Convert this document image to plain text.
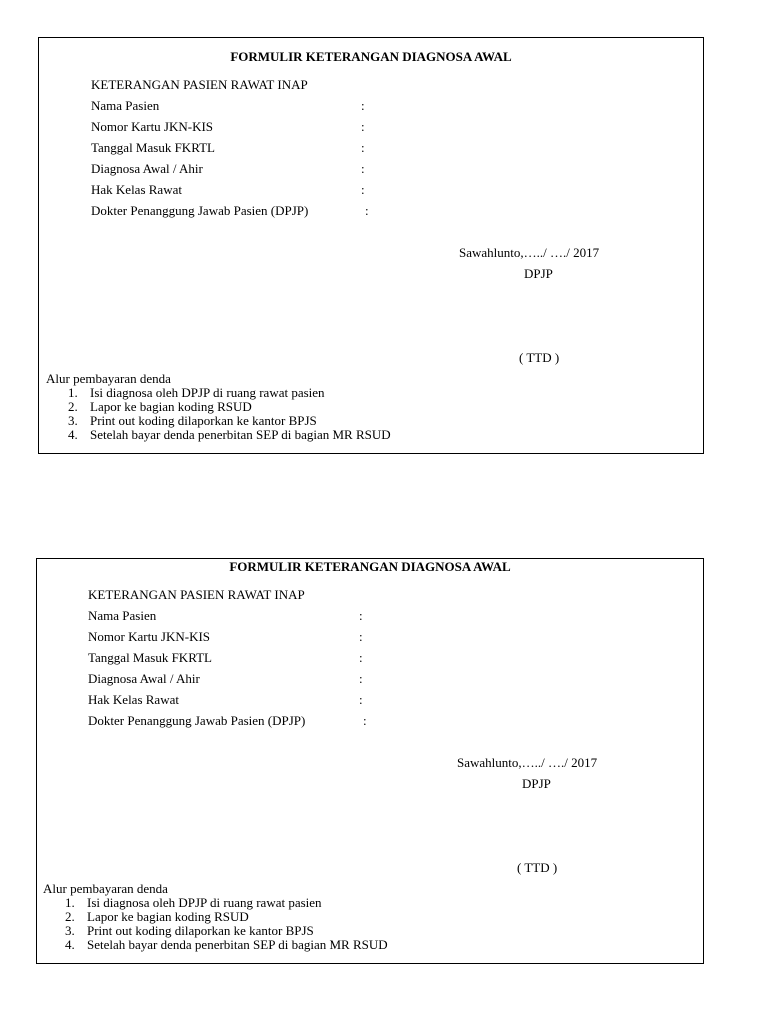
FORMULIR KETERANGAN DIAGNOSA AWAL
KETERANGAN PASIEN RAWAT INAP
Nama Pasien	:
Nomor Kartu JKN-KIS	:
Tanggal Masuk FKRTL	:
Diagnosa Awal / Ahir	:
Hak Kelas Rawat	:
Dokter Penanggung Jawab Pasien (DPJP)	:
Sawahlunto,…../ …./ 2017
DPJP
( TTD )
Alur pembayaran denda
1. Isi diagnosa oleh DPJP di ruang rawat pasien
2. Lapor ke bagian koding RSUD
3. Print out koding dilaporkan ke kantor BPJS
4. Setelah bayar denda penerbitan SEP di bagian MR RSUD
FORMULIR KETERANGAN DIAGNOSA AWAL
KETERANGAN PASIEN RAWAT INAP
Nama Pasien	:
Nomor Kartu JKN-KIS	:
Tanggal Masuk FKRTL	:
Diagnosa Awal / Ahir	:
Hak Kelas Rawat	:
Dokter Penanggung Jawab Pasien (DPJP)	:
Sawahlunto,…../ …./ 2017
DPJP
( TTD )
Alur pembayaran denda
1. Isi diagnosa oleh DPJP di ruang rawat pasien
2. Lapor ke bagian koding RSUD
3. Print out koding dilaporkan ke kantor BPJS
4. Setelah bayar denda penerbitan SEP di bagian MR RSUD
